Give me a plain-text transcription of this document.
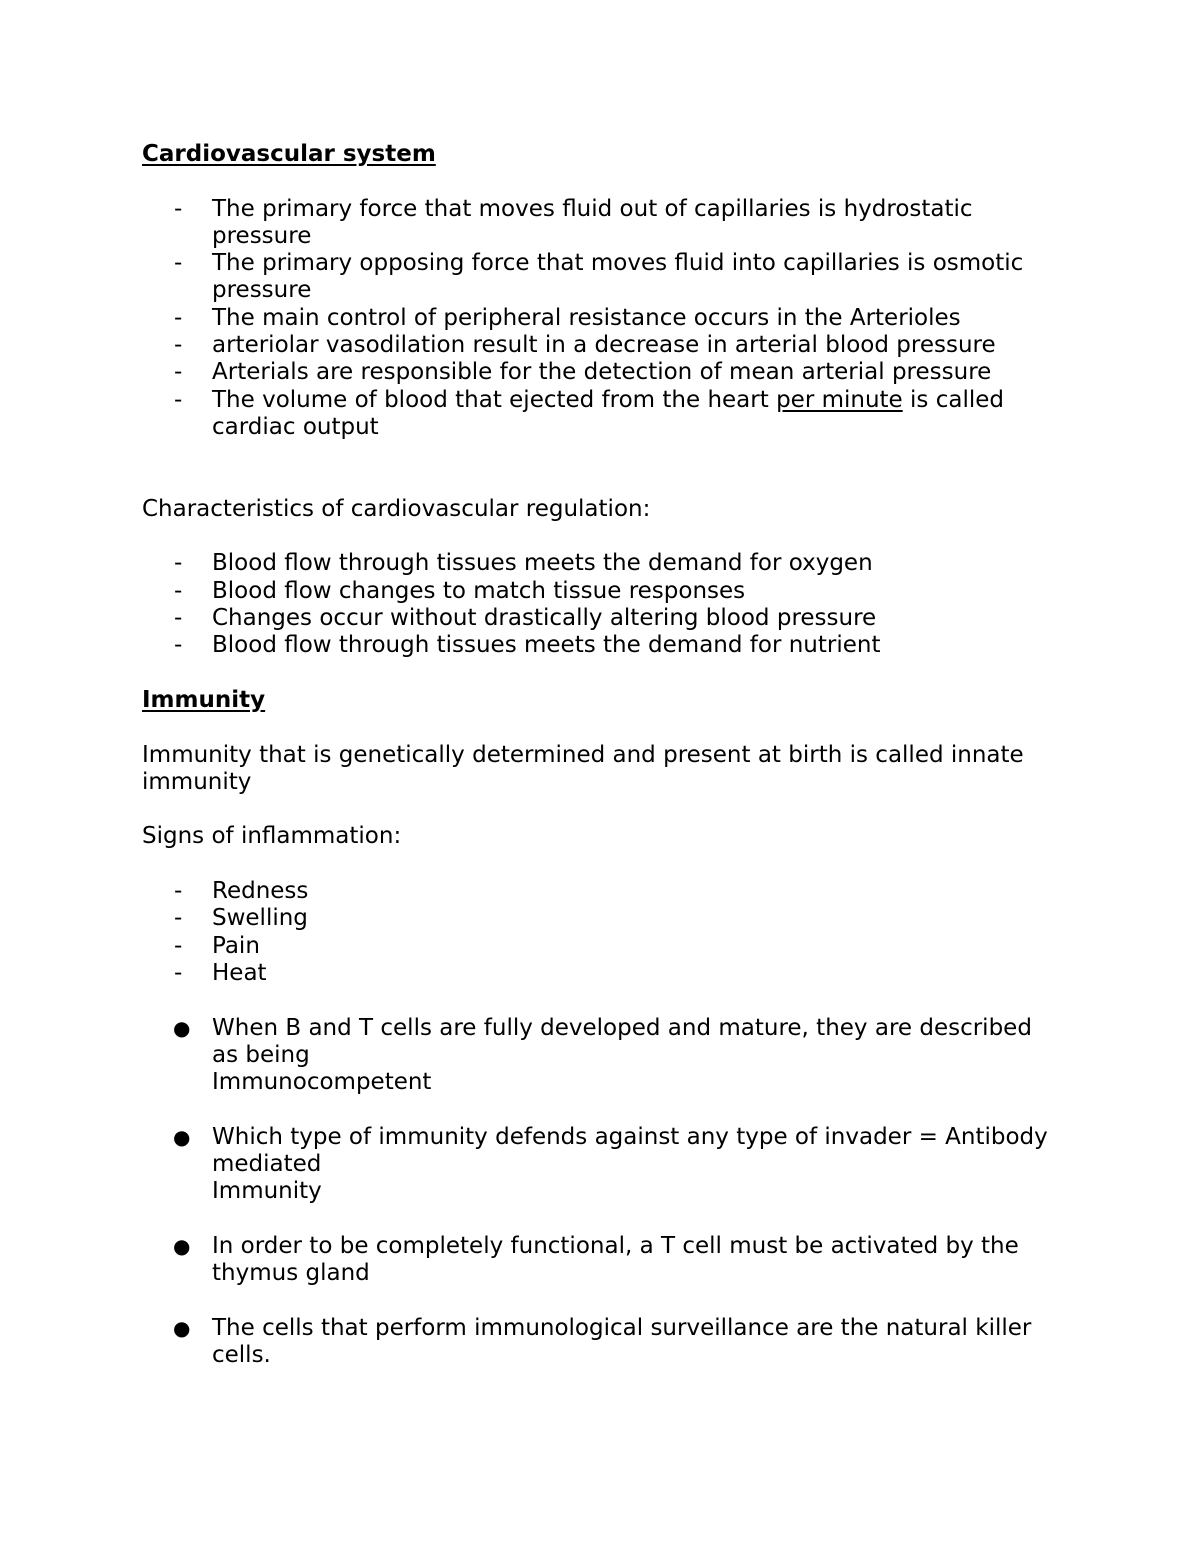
Cardiovascular system

- The primary force that moves fluid out of capillaries is hydrostatic pressure
- The primary opposing force that moves fluid into capillaries is osmotic pressure
- The main control of peripheral resistance occurs in the Arterioles
- arteriolar vasodilation result in a decrease in arterial blood pressure
- Arterials are responsible for the detection of mean arterial pressure
- The volume of blood that ejected from the heart per minute is called cardiac output

Characteristics of cardiovascular regulation:

- Blood flow through tissues meets the demand for oxygen
- Blood flow changes to match tissue responses
- Changes occur without drastically altering blood pressure
- Blood flow through tissues meets the demand for nutrient

Immunity

Immunity that is genetically determined and present at birth is called innate immunity

Signs of inflammation:

- Redness
- Swelling
- Pain
- Heat
● When B and T cells are fully developed and mature, they are described as being
Immunocompetent
● Which type of immunity defends against any type of invader = Antibody mediated
Immunity
● In order to be completely functional, a T cell must be activated by the thymus gland
● The cells that perform immunological surveillance are the natural killer cells.
